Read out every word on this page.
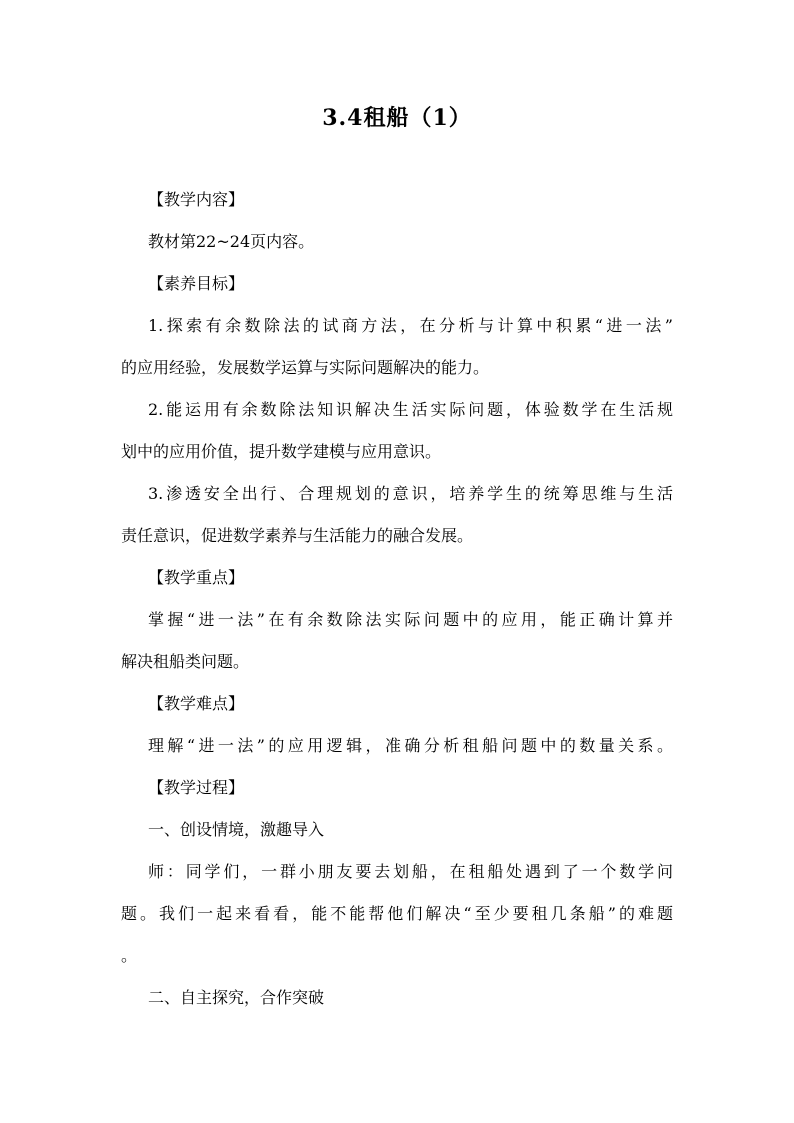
3.4租船（1）

【教学内容】

教材第22~24页内容。

【素养目标】

1.探索有余数除法的试商方法，在分析与计算中积累“进一法”

的应用经验，发展数学运算与实际问题解决的能力。

2.能运用有余数除法知识解决生活实际问题，体验数学在生活规

划中的应用价值，提升数学建模与应用意识。

3.渗透安全出行、合理规划的意识，培养学生的统筹思维与生活

责任意识，促进数学素养与生活能力的融合发展。

【教学重点】

掌握“进一法”在有余数除法实际问题中的应用，能正确计算并

解决租船类问题。

【教学难点】

理解“进一法”的应用逻辑，准确分析租船问题中的数量关系。

【教学过程】

一、创设情境，激趣导入

师：同学们，一群小朋友要去划船，在租船处遇到了一个数学问

题。我们一起来看看，能不能帮他们解决“至少要租几条船”的难题

。

二、自主探究，合作突破
